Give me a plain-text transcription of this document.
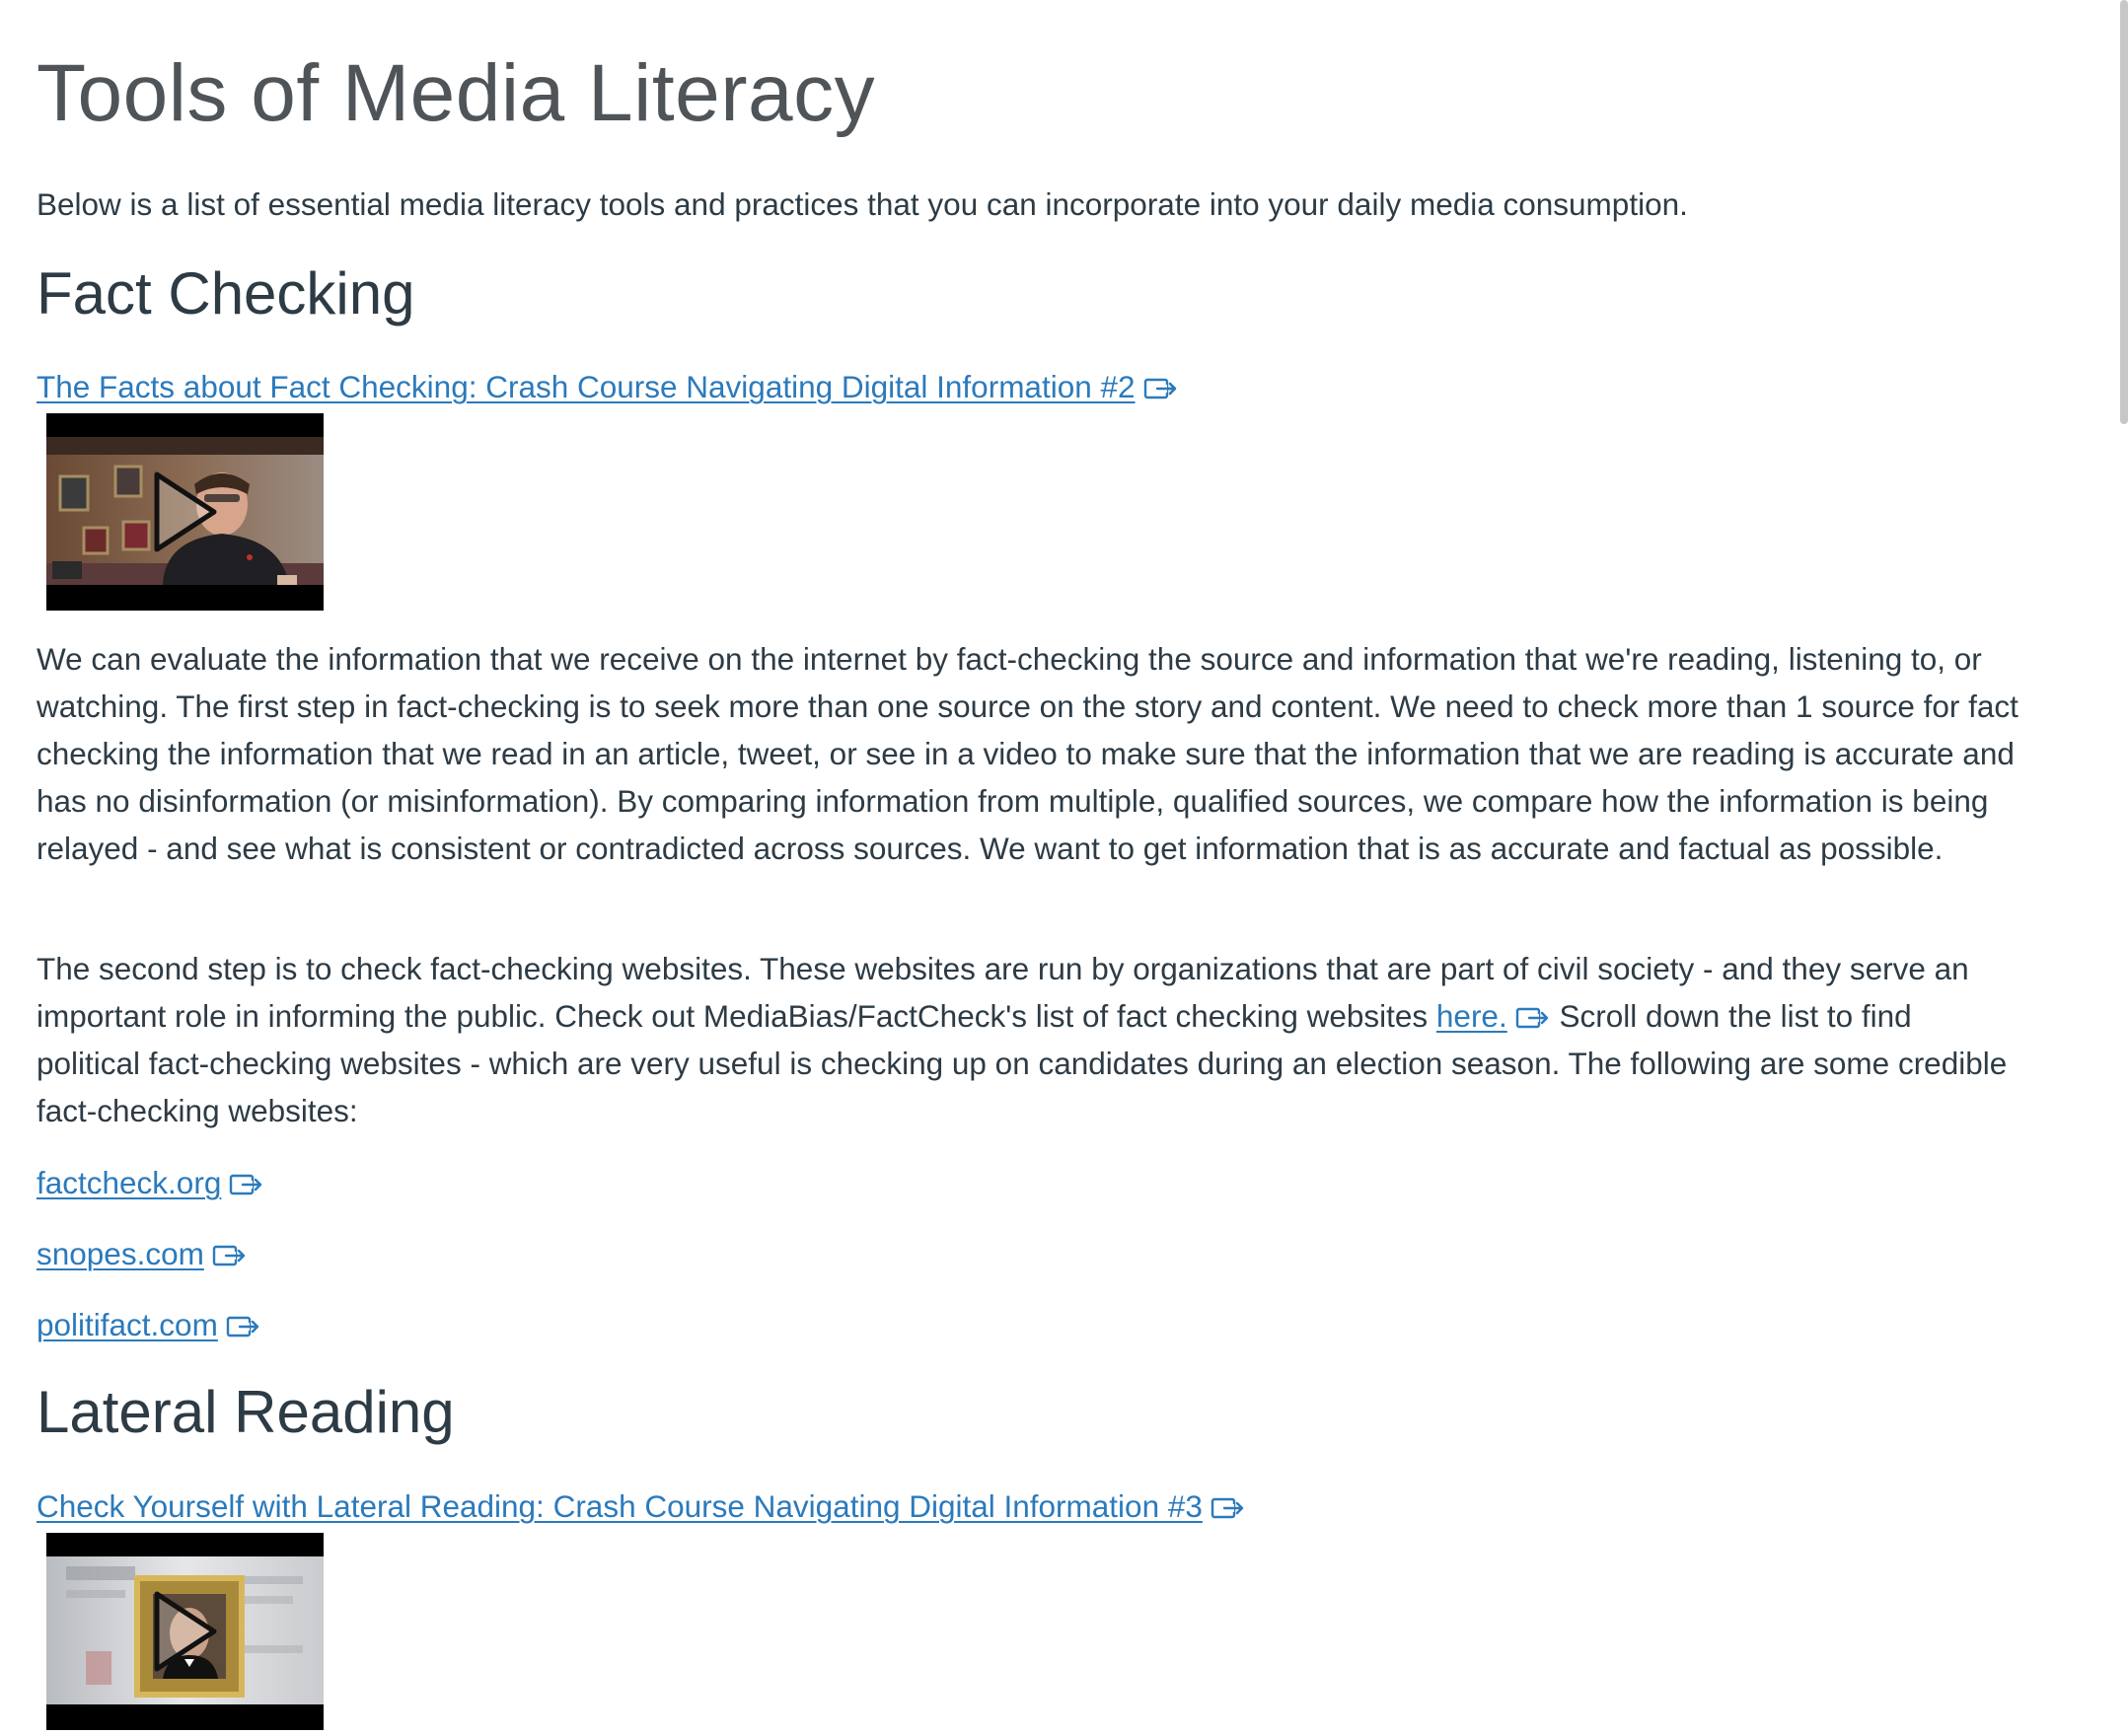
Tools of Media Literacy

Below is a list of essential media literacy tools and practices that you can incorporate into your daily media consumption.

Fact Checking

The Facts about Fact Checking: Crash Course Navigating Digital Information #2

We can evaluate the information that we receive on the internet by fact-checking the source and information that we're reading, listening to, or watching. The first step in fact-checking is to seek more than one source on the story and content. We need to check more than 1 source for fact checking the information that we read in an article, tweet, or see in a video to make sure that the information that we are reading is accurate and has no disinformation (or misinformation). By comparing information from multiple, qualified sources, we compare how the information is being relayed - and see what is consistent or contradicted across sources. We want to get information that is as accurate and factual as possible.

The second step is to check fact-checking websites. These websites are run by organizations that are part of civil society - and they serve an important role in informing the public. Check out MediaBias/FactCheck's list of fact checking websites here.
Scroll down the list to find political fact-checking websites - which are very useful is checking up on candidates during an election season. The following are some credible fact-checking websites:

factcheck.org

snopes.com

politifact.com

Lateral Reading

Check Yourself with Lateral Reading: Crash Course Navigating Digital Information #3
